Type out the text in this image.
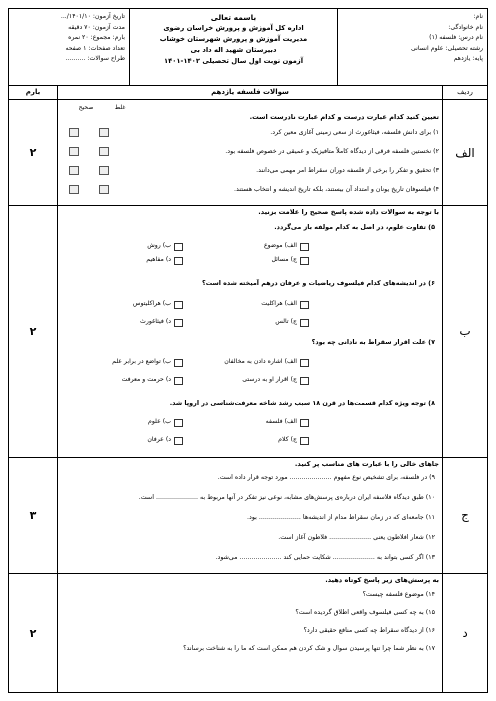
نام:
نام خانوادگی:
نام درس: فلسفه (۱)
رشته تحصیلی: علوم انسانی
پایه: یازدهم
باسمه تعالی
اداره کل آموزش و پرورش خراسان رضوی
مدیریت آموزش و پرورش شهرستان خوشاب
دبیرستان شهید اله داد بی
آزمون نوبت اول سال تحصیلی ۱۴۰۲-۱۴۰۱
تاریخ آزمون: ۱۴۰۱/۱۰/...
مدت آزمون: ۷۰ دقیقه
بارم: مجموع: ۲۰ نمره
تعداد صفحات: ۱ صفحه
طراح سوالات: ..........
بارم	سوالات فلسفه یازدهم	ردیف
۲	الف
تعیین کنید کدام عبارت درست و کدام عبارت نادرست است.
غلطصحیح
۱) برای دانش فلسفه، فیثاغورث از سعی زمینی آغازی معین کرد.
۲) نخستین فلسفه فرقی از دیدگاه کاملاً متافیزیک و عمیقی در خصوص فلسفه بود.
۳) تحقیق و تفکر را برخی از فلسفه دوران سقراط امر مهمی می‌دانند.
۴) فیلسوفان تاریخ یونان و امتداد آن بیستند، بلکه تاریخ اندیشه و انتخاب هستند.
۲	ب
با توجه به سوالات داده شده پاسخ صحیح را علامت بزنید.
۵) تفاوت علوم، در اصل به کدام مولفه باز می‌گردد.
الف) موضوع
ب) روش
ج) مسائل
د) مفاهیم
۶) در اندیشه‌های کدام فیلسوف ریاضیات و عرفان درهم آمیخته شده است؟
الف) هراکلیت
ب) هراکلیتوس
ج) تالس
د) فیثاغورث
۷) علت اقرار سقراط به نادانی چه بود؟
الف) اشاره دادن به مخالفان
ب) تواضع در برابر علم
ج) اقرار او به درستی
د) حرمت و معرفت
۸) توجه ویژه کدام قسمت‌ها در قرن ۱۸ سبب رشد شاخه معرفت‌شناسی در اروپا شد.
الف) فلسفه
ب) علوم
ج) کلام
د) عرفان
۳	ج
جاهای خالی را با عبارت های مناسب پر کنید.
۹) در فلسفه، برای تشخیص نوع مفهوم ..................... مورد توجه قرار داده است.
۱۰) طبق دیدگاه فلاسفه ایران درباره‌ی پرسش‌های مشابه، نوعی نیز تفکر در آنها مربوط به ..................... است.
۱۱) جامعه‌ای که در زمان سقراط مدام از اندیشه‌ها ..................... بود.
۱۲) شعار افلاطون یعنی ..................... فلاطون آغاز است.
۱۳) اگر کسی بتواند به ..................... شکایت حمایی کند ..................... می‌شود.
۲	د
به پرسش‌های زیر پاسخ کوتاه دهید.
۱۴) موضوع فلسفه چیست؟
۱۵) به چه کسی فیلسوف واقعی اطلاق گردیده است؟
۱۶) از دیدگاه سقراط چه کسی منافع حقیقی دارد؟
۱۷) به نظر شما چرا تنها پرسیدن سوال و شک کردن هم ممکن است که ما را به شناخت برساند؟
